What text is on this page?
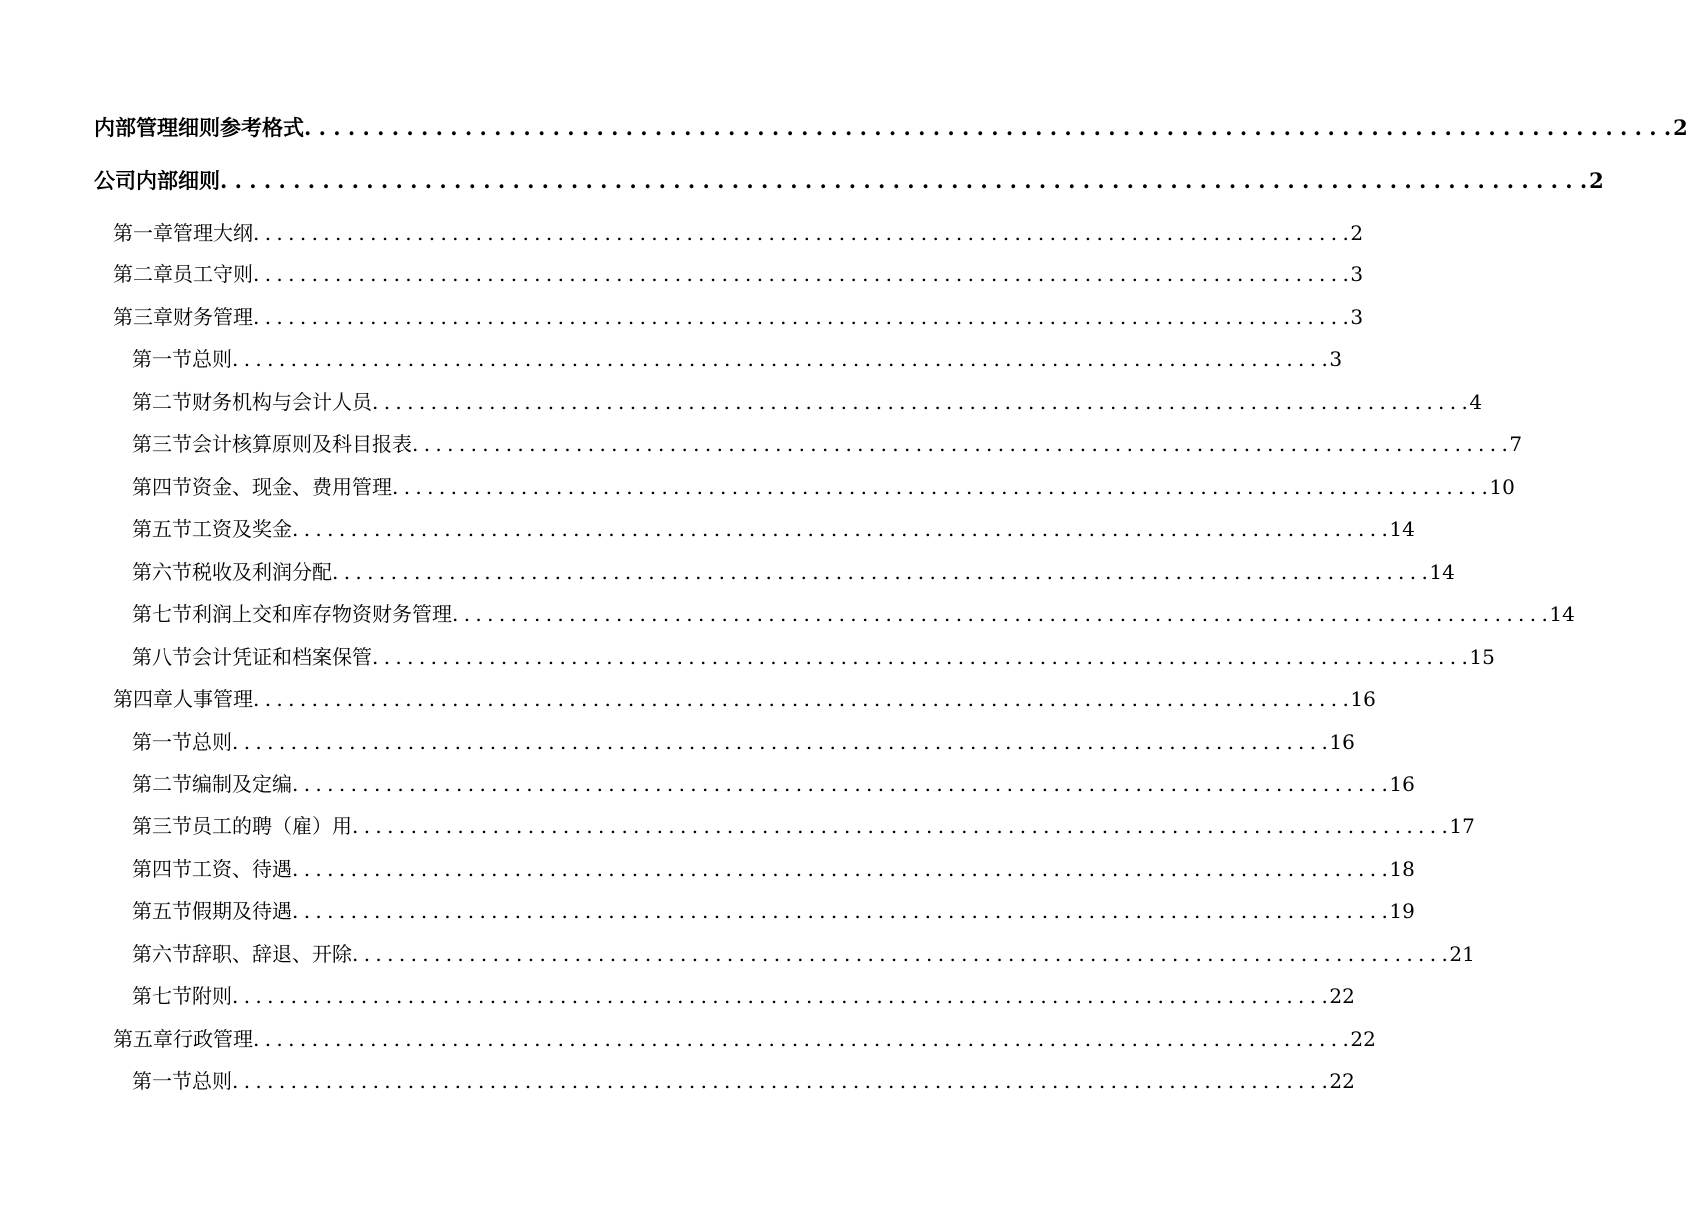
内部管理细则参考格式 . . .	2
公司内部细则 . . .	2
第一章 管理大纲 . . .	2
第二章 员工守则 . . .	3
第三章 财务管理 . . .	3
第一节 总则 . . .	3
第二节 财务机构与会计人员 . . .	4
第三节 会计核算原则及科目报表 . . .	7
第四节 资金、现金、费用管理 . . .	10
第五节 工资及奖金 . . .	14
第六节 税收及利润分配 . . .	14
第七节 利润上交和库存物资财务管理 . . .	14
第八节 会计凭证和档案保管 . . .	15
第四章 人事管理 . . .	16
第一节 总则 . . .	16
第二节 编制及定编 . . .	16
第三节 员工的聘（雇）用 . . .	17
第四节 工资、待遇 . . .	18
第五节 假期及待遇 . . .	19
第六节 辞职、辞退、开除 . . .	21
第七节 附则 . . .	22
第五章 行政管理 . . .	22
第一节 总则 . . .	22
